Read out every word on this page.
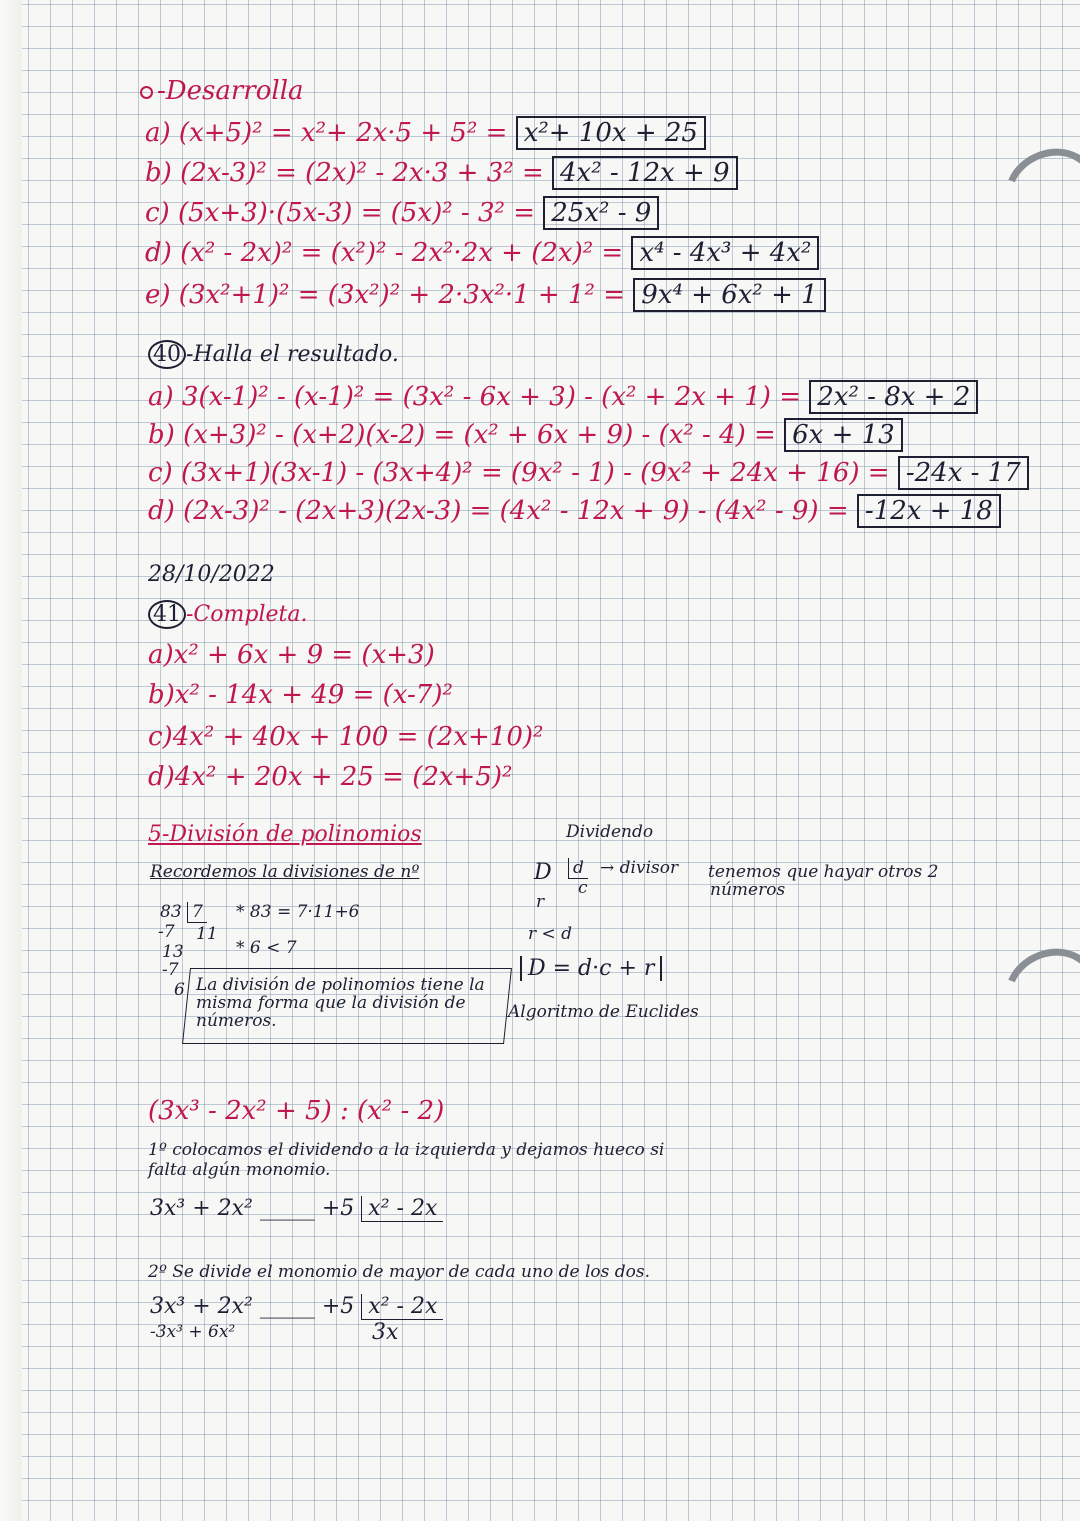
-Desarrolla
a) (x+5)² = x²+ 2x·5 + 5² = x²+ 10x + 25
b) (2x-3)² = (2x)² - 2x·3 + 3² = 4x² - 12x + 9
c) (5x+3)·(5x-3) = (5x)² - 3² = 25x² - 9
d) (x² - 2x)² = (x²)² - 2x²·2x + (2x)² = x⁴ - 4x³ + 4x²
e) (3x²+1)² = (3x²)² + 2·3x²·1 + 1² = 9x⁴ + 6x² + 1
40 -Halla el resultado.
a) 3(x-1)² - (x-1)² = (3x² - 6x + 3) - (x² + 2x + 1) = 2x² - 8x + 2
b) (x+3)² - (x+2)(x-2) = (x² + 6x + 9) - (x² - 4) = 6x + 13
c) (3x+1)(3x-1) - (3x+4)² = (9x² - 1) - (9x² + 24x + 16) = -24x - 17
d) (2x-3)² - (2x+3)(2x-3) = (4x² - 12x + 9) - (4x² - 9) = -12x + 18
28/10/2022
41 -Completa.
a)x² + 6x + 9 = (x+3)
b)x² - 14x + 49 = (x-7)²
c)4x² + 40x + 100 = (2x+10)²
d)4x² + 20x + 25 = (2x+5)²
5-División de polinomios
Recordemos la divisiones de nº
83 7
11
-7
13
-7
6
* 83 = 7·11+6
* 6 < 7
La división de polinomios tiene la misma forma que la división de números.
Dividendo
D d → divisor
c
r
r < d
D = d·c + r
Algoritmo de Euclides
tenemos que hayar otros 2
números
(3x³ - 2x² + 5) : (x² - 2)
1º colocamos el dividendo a la izquierda y dejamos hueco si
falta algún monomio.
3x³ + 2x² _____ +5 x² - 2x
2º Se divide el monomio de mayor de cada uno de los dos.
3x³ + 2x² _____ +5 x² - 2x
-3x³ + 6x²	3x
